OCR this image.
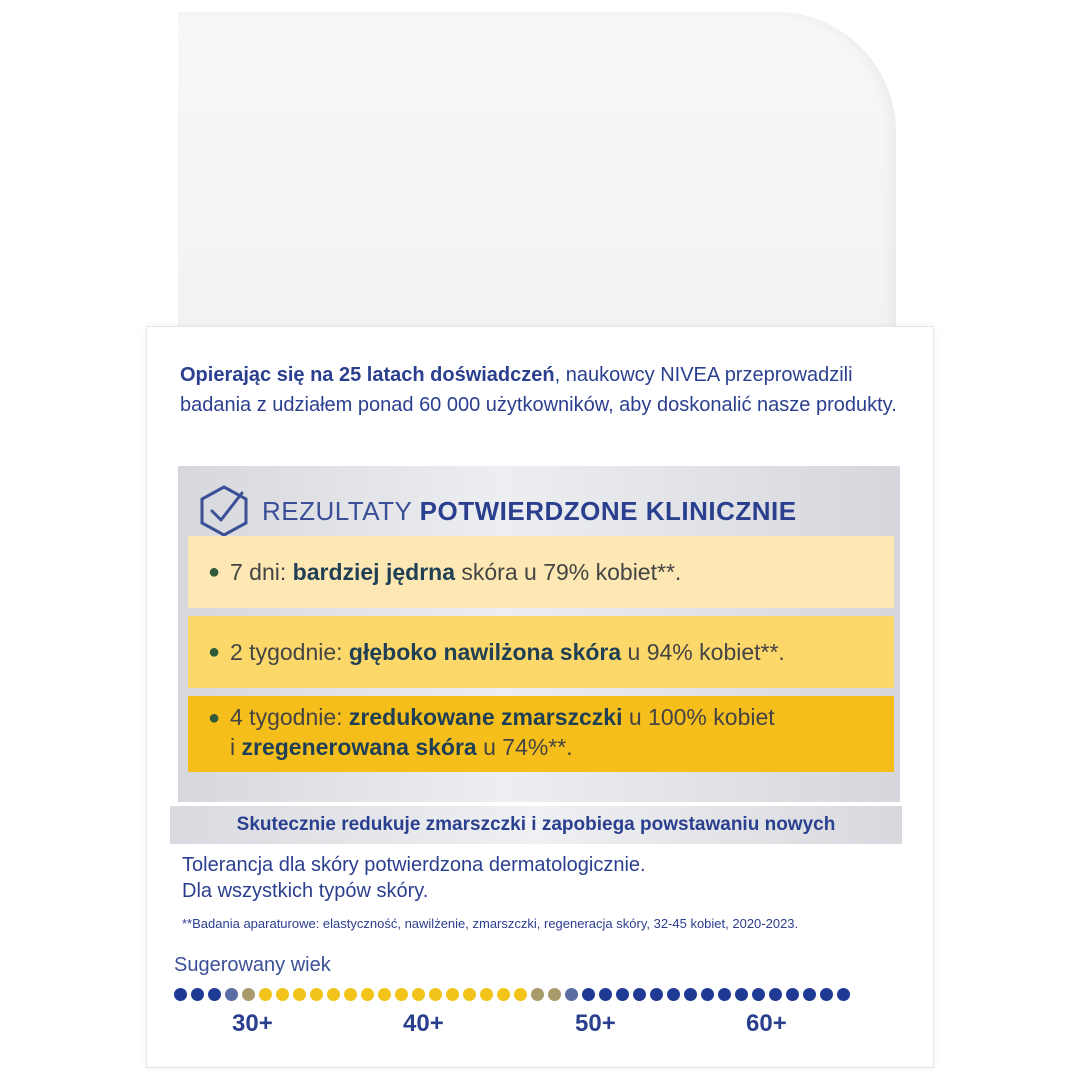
Opierając się na 25 latach doświadczeń, naukowcy NIVEA przeprowadzili badania z udziałem ponad 60 000 użytkowników, aby doskonalić nasze produkty.
REZULTATY POTWIERDZONE KLINICZNIE
● 7 dni: bardziej jędrna skóra u 79% kobiet**.
● 2 tygodnie: głęboko nawilżona skóra u 94% kobiet**.
● 4 tygodnie: zredukowane zmarszczki u 100% kobiet
i zregenerowana skóra u 74%**.
Skutecznie redukuje zmarszczki i zapobiega powstawaniu nowych
Tolerancja dla skóry potwierdzona dermatologicznie.
Dla wszystkich typów skóry.
**Badania aparaturowe: elastyczność, nawilżenie, zmarszczki, regeneracja skóry, 32-45 kobiet, 2020-2023.
Sugerowany wiek
30+	40+	50+	60+
